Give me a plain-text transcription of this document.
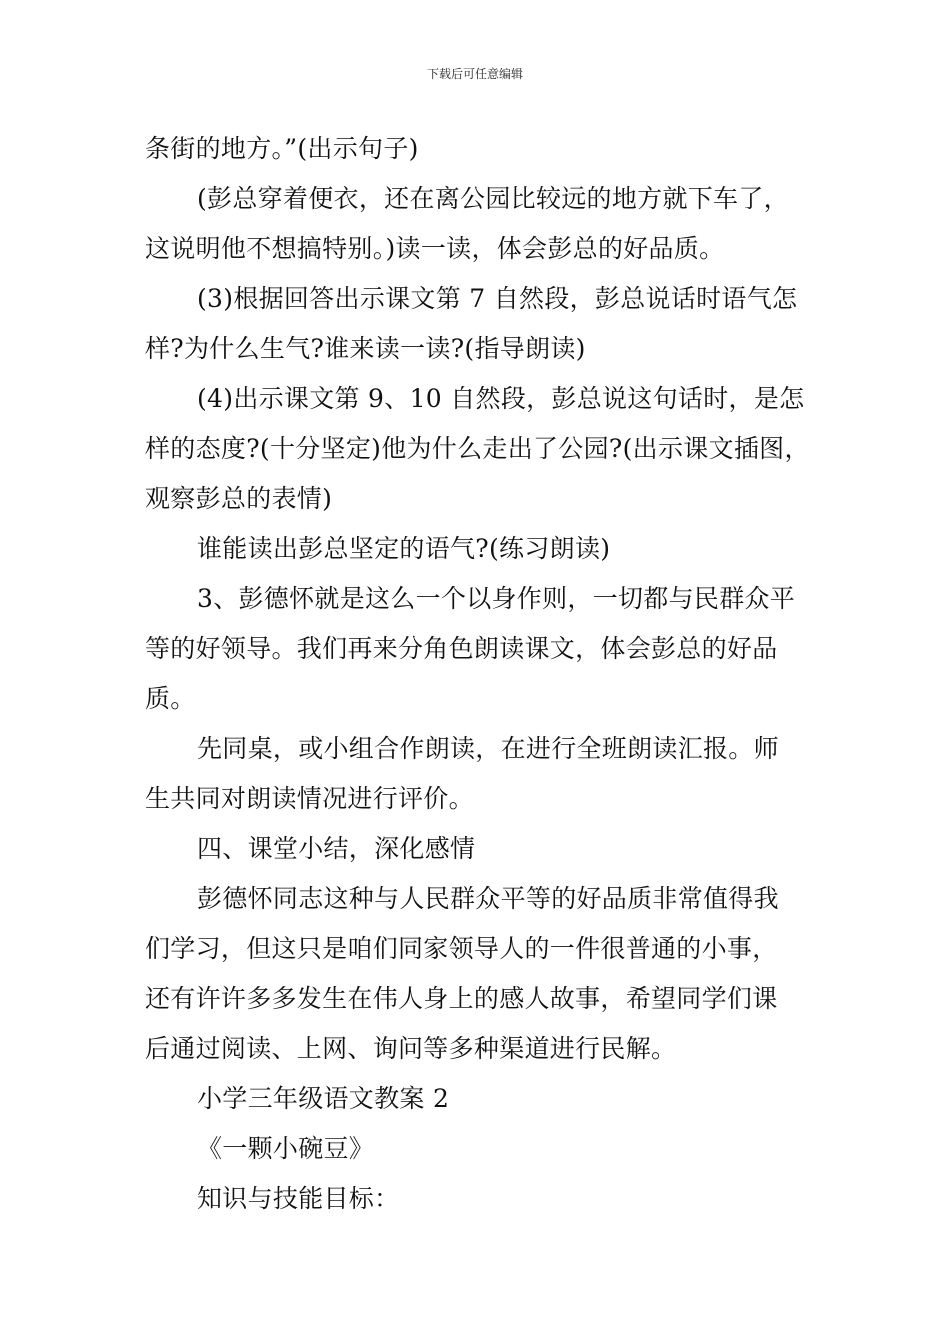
下载后可任意编辑

条街的地方。”(出示句子)

(彭总穿着便衣，还在离公园比较远的地方就下车了，

这说明他不想搞特别。)读一读，体会彭总的好品质。

(3)根据回答出示课文第 7 自然段，彭总说话时语气怎

样?为什么生气?谁来读一读?(指导朗读)

(4)出示课文第 9、10 自然段，彭总说这句话时，是怎

样的态度?(十分坚定)他为什么走出了公园?(出示课文插图，

观察彭总的表情)

谁能读出彭总坚定的语气?(练习朗读)

3、彭德怀就是这么一个以身作则，一切都与民群众平

等的好领导。我们再来分角色朗读课文，体会彭总的好品

质。

先同桌，或小组合作朗读，在进行全班朗读汇报。师

生共同对朗读情况进行评价。

四、课堂小结，深化感情

彭德怀同志这种与人民群众平等的好品质非常值得我

们学习，但这只是咱们同家领导人的一件很普通的小事，

还有许许多多发生在伟人身上的感人故事，希望同学们课

后通过阅读、上网、询问等多种渠道进行民解。

小学三年级语文教案 2

《一颗小碗豆》

知识与技能目标：
